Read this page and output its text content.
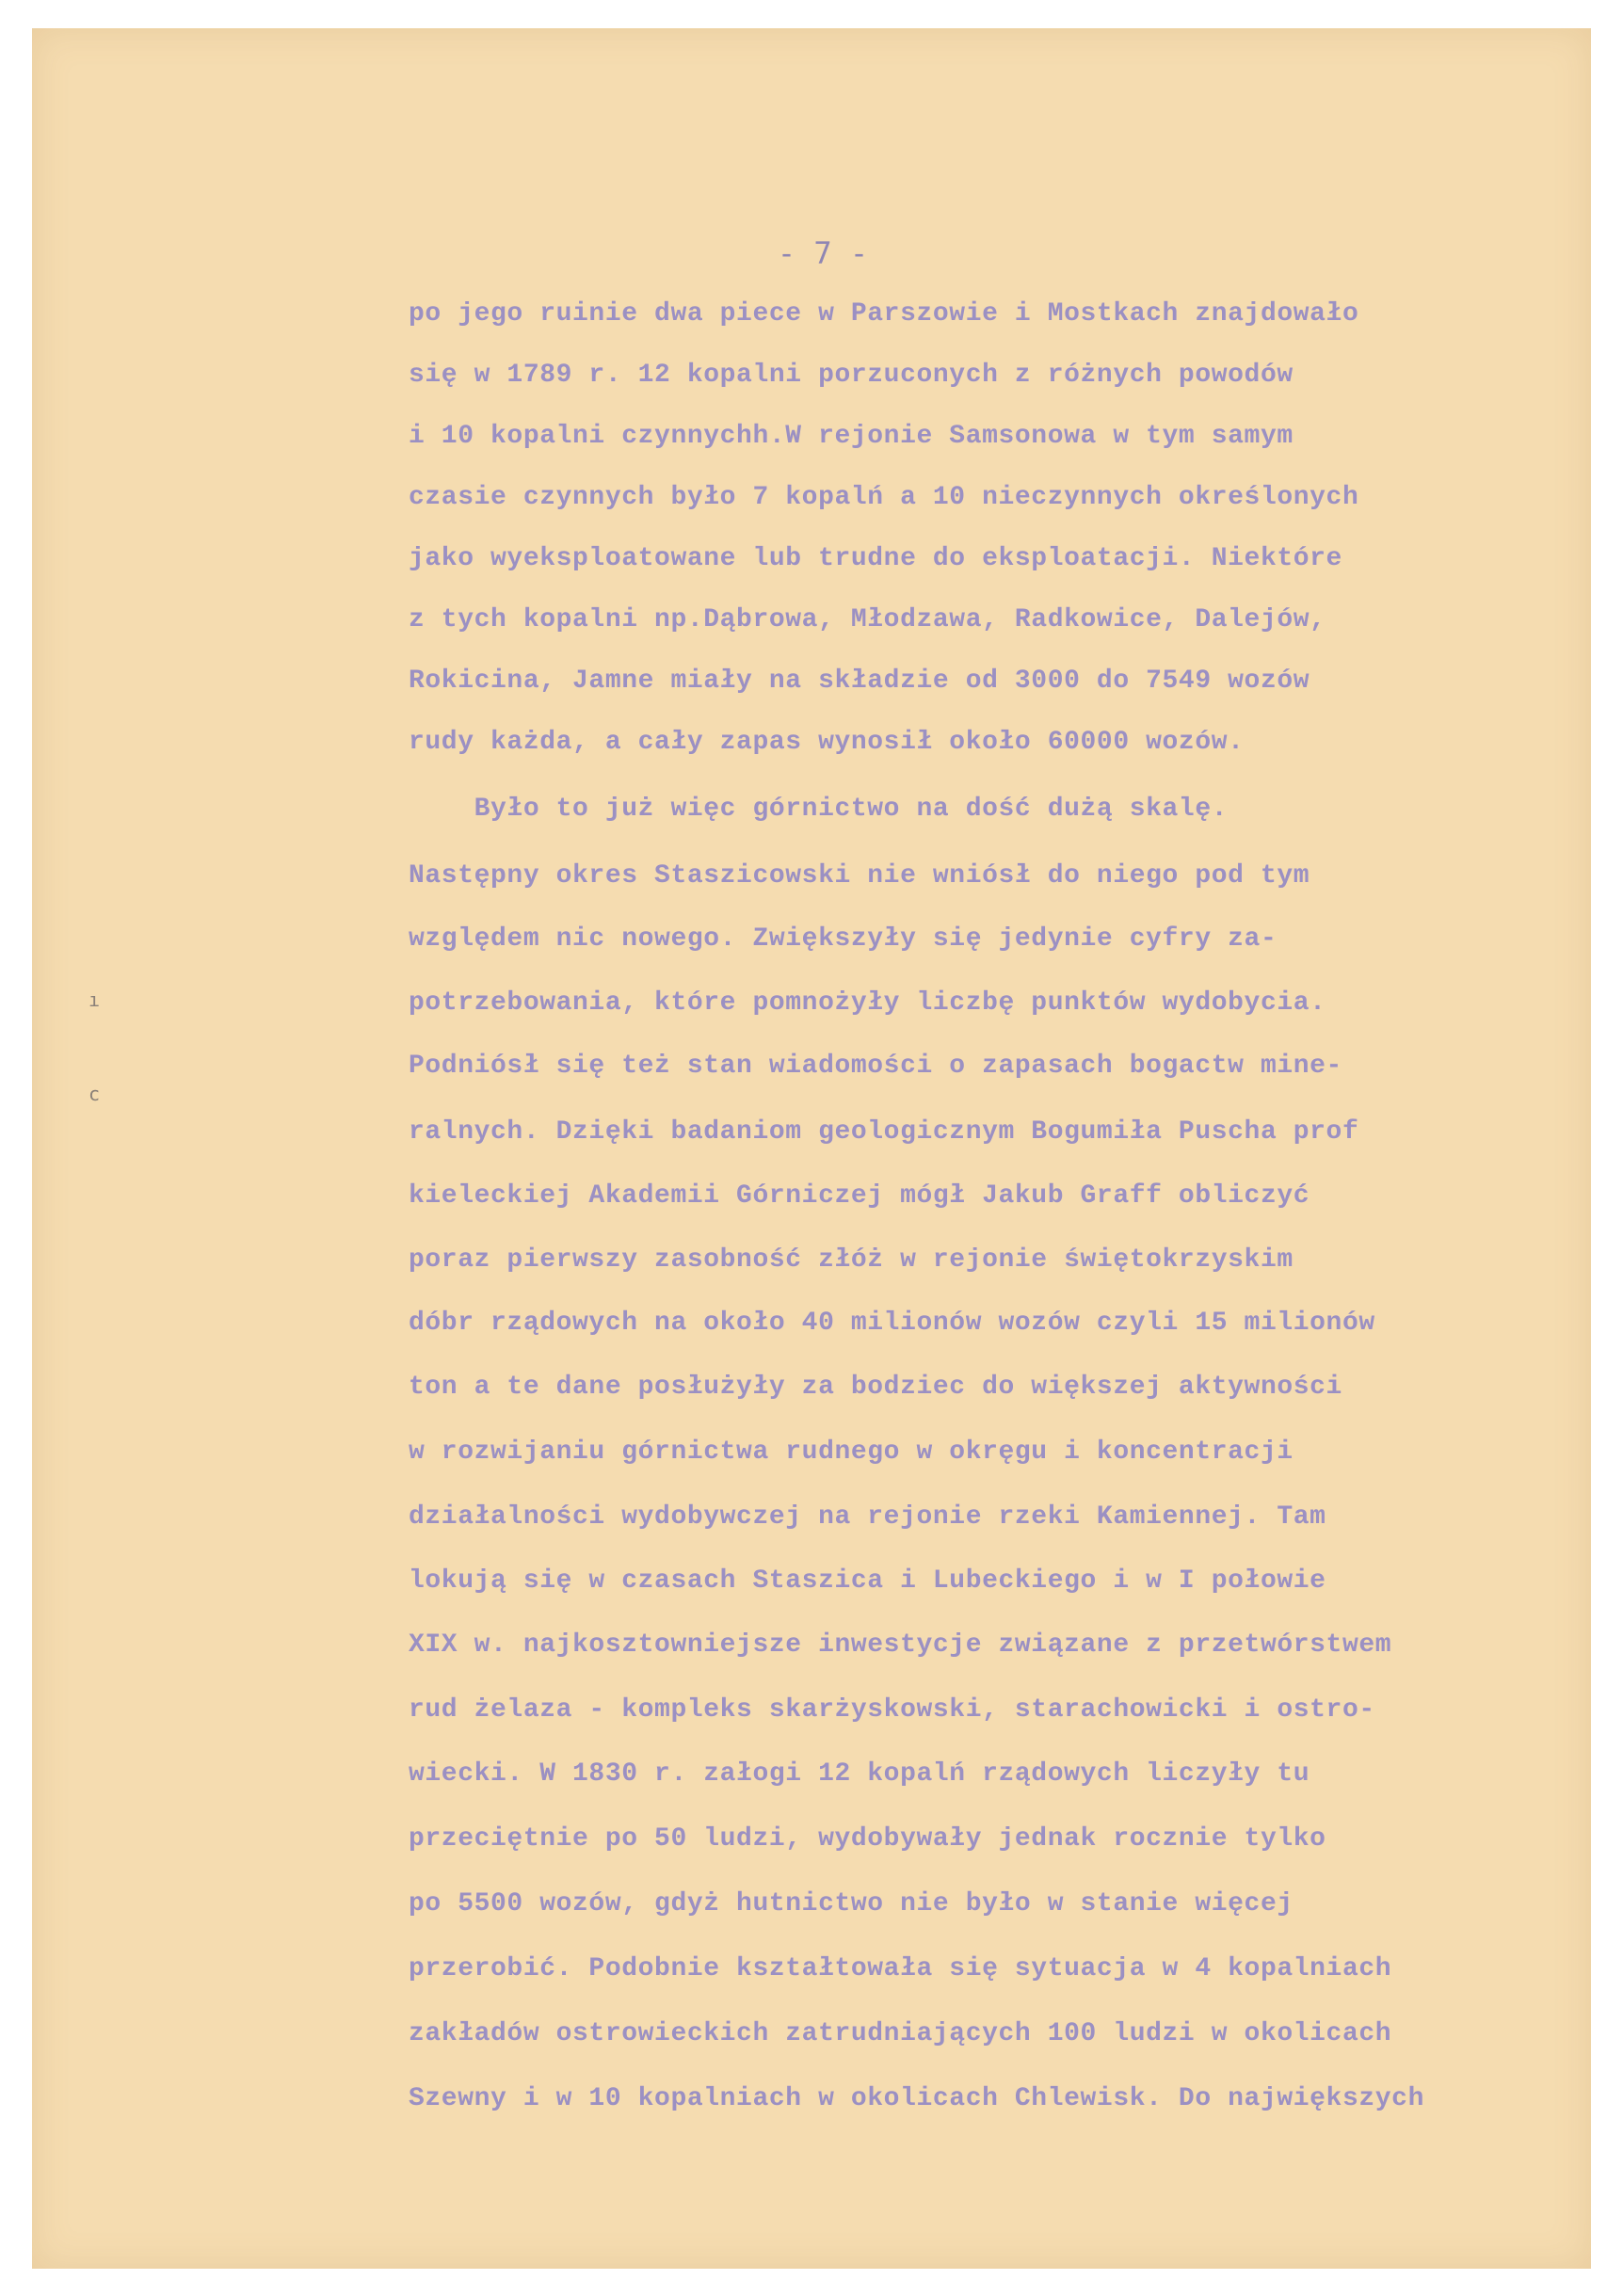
- 7 -
ı
c
po jego ruinie dwa piece w Parszowie i Mostkach znajdowało
się w 1789 r. 12 kopalni porzuconych z różnych powodów
i 10 kopalni czynnychh.W rejonie Samsonowa w tym samym
czasie czynnych było 7 kopalń a 10 nieczynnych określonych
jako wyeksploatowane lub trudne do eksploatacji. Niektóre
z tych kopalni np.Dąbrowa, Młodzawa, Radkowice, Dalejów,
Rokicina, Jamne miały na składzie od 3000 do 7549 wozów
rudy każda, a cały zapas wynosił około 60000 wozów.
Było to już więc górnictwo na dość dużą skalę.
Następny okres Staszicowski nie wniósł do niego pod tym
względem nic nowego. Zwiększyły się jedynie cyfry za-
potrzebowania, które pomnożyły liczbę punktów wydobycia.
Podniósł się też stan wiadomości o zapasach bogactw mine-
ralnych. Dzięki badaniom geologicznym Bogumiła Puscha prof
kieleckiej Akademii Górniczej mógł Jakub Graff obliczyć
poraz pierwszy zasobność złóż w rejonie świętokrzyskim
dóbr rządowych na około 40 milionów wozów czyli 15 milionów
ton a te dane posłużyły za bodziec do większej aktywności
w rozwijaniu górnictwa rudnego w okręgu i koncentracji
działalności wydobywczej na rejonie rzeki Kamiennej. Tam
lokują się w czasach Staszica i Lubeckiego i w I połowie
XIX w. najkosztowniejsze inwestycje związane z przetwórstwem
rud żelaza - kompleks skarżyskowski, starachowicki i ostro-
wiecki. W 1830 r. załogi 12 kopalń rządowych liczyły tu
przeciętnie po 50 ludzi, wydobywały jednak rocznie tylko
po 5500 wozów, gdyż hutnictwo nie było w stanie więcej
przerobić. Podobnie kształtowała się sytuacja w 4 kopalniach
zakładów ostrowieckich zatrudniających 100 ludzi w okolicach
Szewny i w 10 kopalniach w okolicach Chlewisk. Do największych
